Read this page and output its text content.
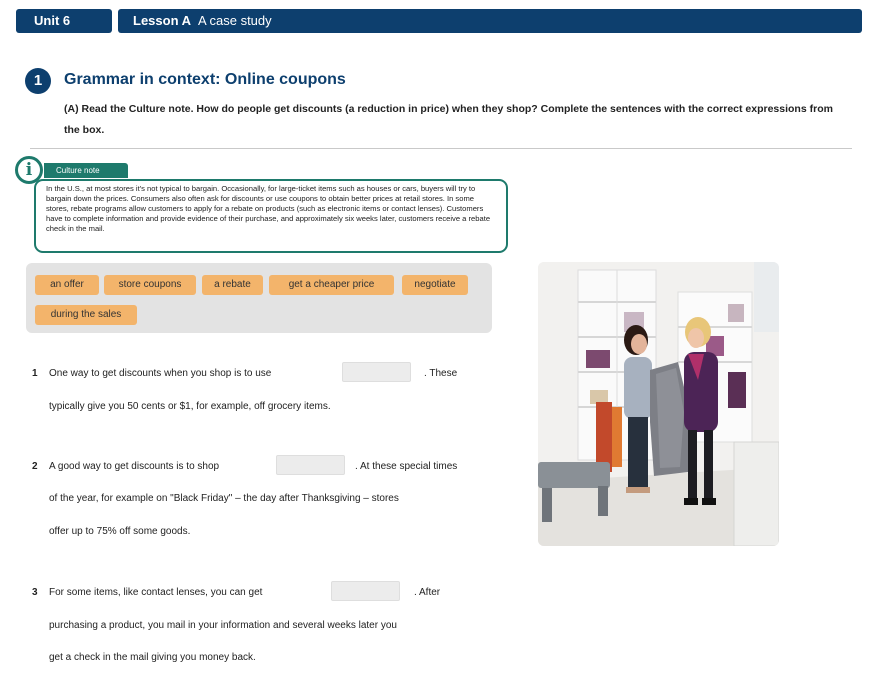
Unit 6	Lesson A A case study
1	Grammar in context: Online coupons

(A) Read the Culture note. How do people get discounts (a reduction in price) when they shop? Complete the sentences with the correct expressions from the box.

i	Culture note
In the U.S., at most stores it's not typical to bargain. Occasionally, for large-ticket items such as houses or cars, buyers will try to bargain down the prices. Consumers also often ask for discounts or use coupons to obtain better prices at retail stores. In some stores, rebate programs allow customers to apply for a rebate on products (such as electronic items or contact lenses). Customers have to complete information and provide evidence of their purchase, and approximately six weeks later, customers receive a rebate check in the mail.
an offer	store coupons	a rebate	get a cheaper price	negotiate
during the sales
1 One way to get discounts when you shop is to use	. These
typically give you 50 cents or $1, for example, off grocery items.
2 A good way to get discounts is to shop	. At these special times
of the year, for example on "Black Friday" – the day after Thanksgiving – stores
offer up to 75% off some goods.
3 For some items, like contact lenses, you can get	. After
purchasing a product, you mail in your information and several weeks later you
get a check in the mail giving you money back.
